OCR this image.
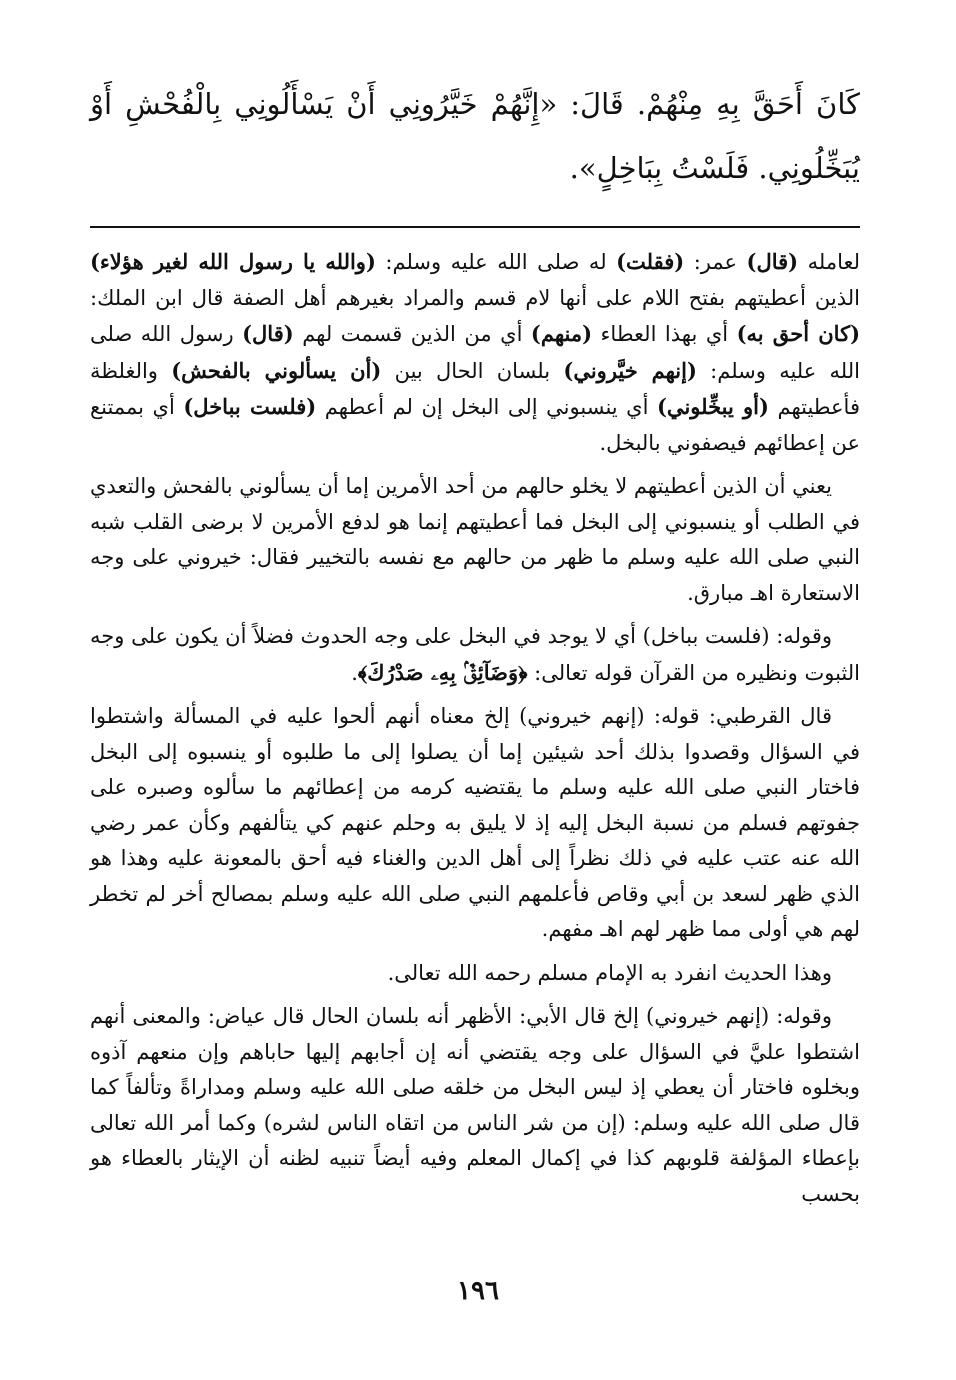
كَانَ أَحَقَّ بِهِ مِنْهُمْ. قَالَ: «إِنَّهُمْ خَيَّرُونِي أَنْ يَسْأَلُونِي بِالْفُحْشِ أَوْ يُبَخِّلُونِي. فَلَسْتُ بِبَاخِلٍ».

لعامله (قال) عمر: (فقلت) له صلى الله عليه وسلم: (والله يا رسول الله لغير هؤلاء) الذين أعطيتهم بفتح اللام على أنها لام قسم والمراد بغيرهم أهل الصفة قال ابن الملك: (كان أحق به) أي بهذا العطاء (منهم) أي من الذين قسمت لهم (قال) رسول الله صلى الله عليه وسلم: (إنهم خيَّروني) بلسان الحال بين (أن يسألوني بالفحش) والغلظة فأعطيتهم (أو يبخِّلوني) أي ينسبوني إلى البخل إن لم أعطهم (فلست بباخل) أي بممتنع عن إعطائهم فيصفوني بالبخل.

يعني أن الذين أعطيتهم لا يخلو حالهم من أحد الأمرين إما أن يسألوني بالفحش والتعدي في الطلب أو ينسبوني إلى البخل فما أعطيتهم إنما هو لدفع الأمرين لا برضى القلب شبه النبي صلى الله عليه وسلم ما ظهر من حالهم مع نفسه بالتخيير فقال: خيروني على وجه الاستعارة اهـ مبارق.

وقوله: (فلست بباخل) أي لا يوجد في البخل على وجه الحدوث فضلاً أن يكون على وجه الثبوت ونظيره من القرآن قوله تعالى: ﴿وَضَآئِقٌۢ بِهِۦ صَدْرُكَ﴾.

قال القرطبي: قوله: (إنهم خيروني) إلخ معناه أنهم ألحوا عليه في المسألة واشتطوا في السؤال وقصدوا بذلك أحد شيئين إما أن يصلوا إلى ما طلبوه أو ينسبوه إلى البخل فاختار النبي صلى الله عليه وسلم ما يقتضيه كرمه من إعطائهم ما سألوه وصبره على جفوتهم فسلم من نسبة البخل إليه إذ لا يليق به وحلم عنهم كي يتألفهم وكأن عمر رضي الله عنه عتب عليه في ذلك نظراً إلى أهل الدين والغناء فيه أحق بالمعونة عليه وهذا هو الذي ظهر لسعد بن أبي وقاص فأعلمهم النبي صلى الله عليه وسلم بمصالح أخر لم تخطر لهم هي أولى مما ظهر لهم اهـ مفهم.

وهذا الحديث انفرد به الإمام مسلم رحمه الله تعالى.

وقوله: (إنهم خيروني) إلخ قال الأبي: الأظهر أنه بلسان الحال قال عياض: والمعنى أنهم اشتطوا عليَّ في السؤال على وجه يقتضي أنه إن أجابهم إليها حاباهم وإن منعهم آذوه وبخلوه فاختار أن يعطي إذ ليس البخل من خلقه صلى الله عليه وسلم ومداراةً وتألفاً كما قال صلى الله عليه وسلم: (إن من شر الناس من اتقاه الناس لشره) وكما أمر الله تعالى بإعطاء المؤلفة قلوبهم كذا في إكمال المعلم وفيه أيضاً تنبيه لظنه أن الإيثار بالعطاء هو بحسب

١٩٦
